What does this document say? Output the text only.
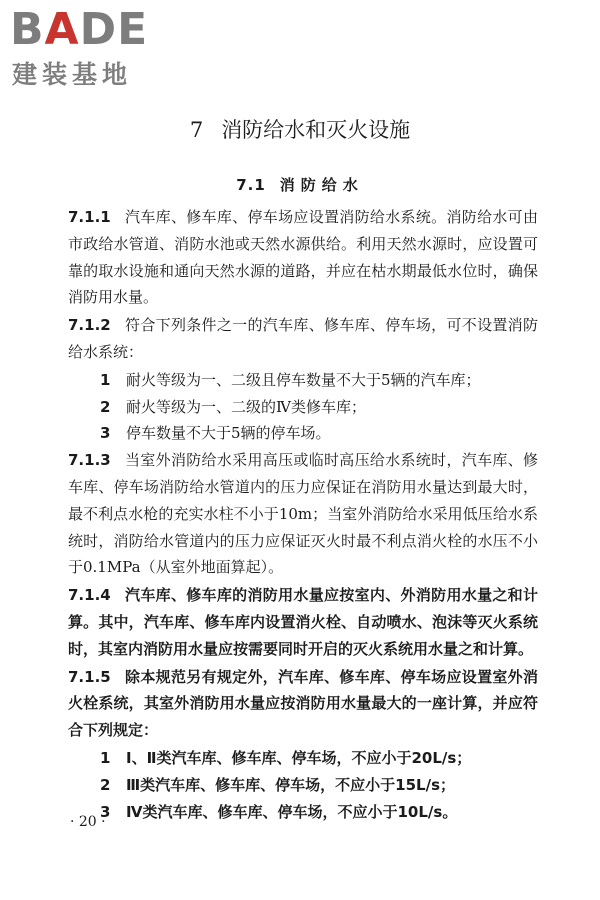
BADE
建装基地
7 消防给水和灭火设施
7.1 消防给水

7.1.1 汽车库、修车库、停车场应设置消防给水系统。消防给水可由市政给水管道、消防水池或天然水源供给。利用天然水源时，应设置可靠的取水设施和通向天然水源的道路，并应在枯水期最低水位时，确保消防用水量。

7.1.2 符合下列条件之一的汽车库、修车库、停车场，可不设置消防给水系统：

1 耐火等级为一、二级且停车数量不大于5辆的汽车库；

2 耐火等级为一、二级的Ⅳ类修车库；

3 停车数量不大于5辆的停车场。

7.1.3 当室外消防给水采用高压或临时高压给水系统时，汽车库、修车库、停车场消防给水管道内的压力应保证在消防用水量达到最大时，最不利点水枪的充实水柱不小于10m；当室外消防给水采用低压给水系统时，消防给水管道内的压力应保证灭火时最不利点消火栓的水压不小于0.1MPa（从室外地面算起）。

7.1.4 汽车库、修车库的消防用水量应按室内、外消防用水量之和计算。其中，汽车库、修车库内设置消火栓、自动喷水、泡沫等灭火系统时，其室内消防用水量应按需要同时开启的灭火系统用水量之和计算。

7.1.5 除本规范另有规定外，汽车库、修车库、停车场应设置室外消火栓系统，其室外消防用水量应按消防用水量最大的一座计算，并应符合下列规定：

1 Ⅰ、Ⅱ类汽车库、修车库、停车场，不应小于20L/s；

2 Ⅲ类汽车库、修车库、停车场，不应小于15L/s；

3 Ⅳ类汽车库、修车库、停车场，不应小于10L/s。

· 20 ·
